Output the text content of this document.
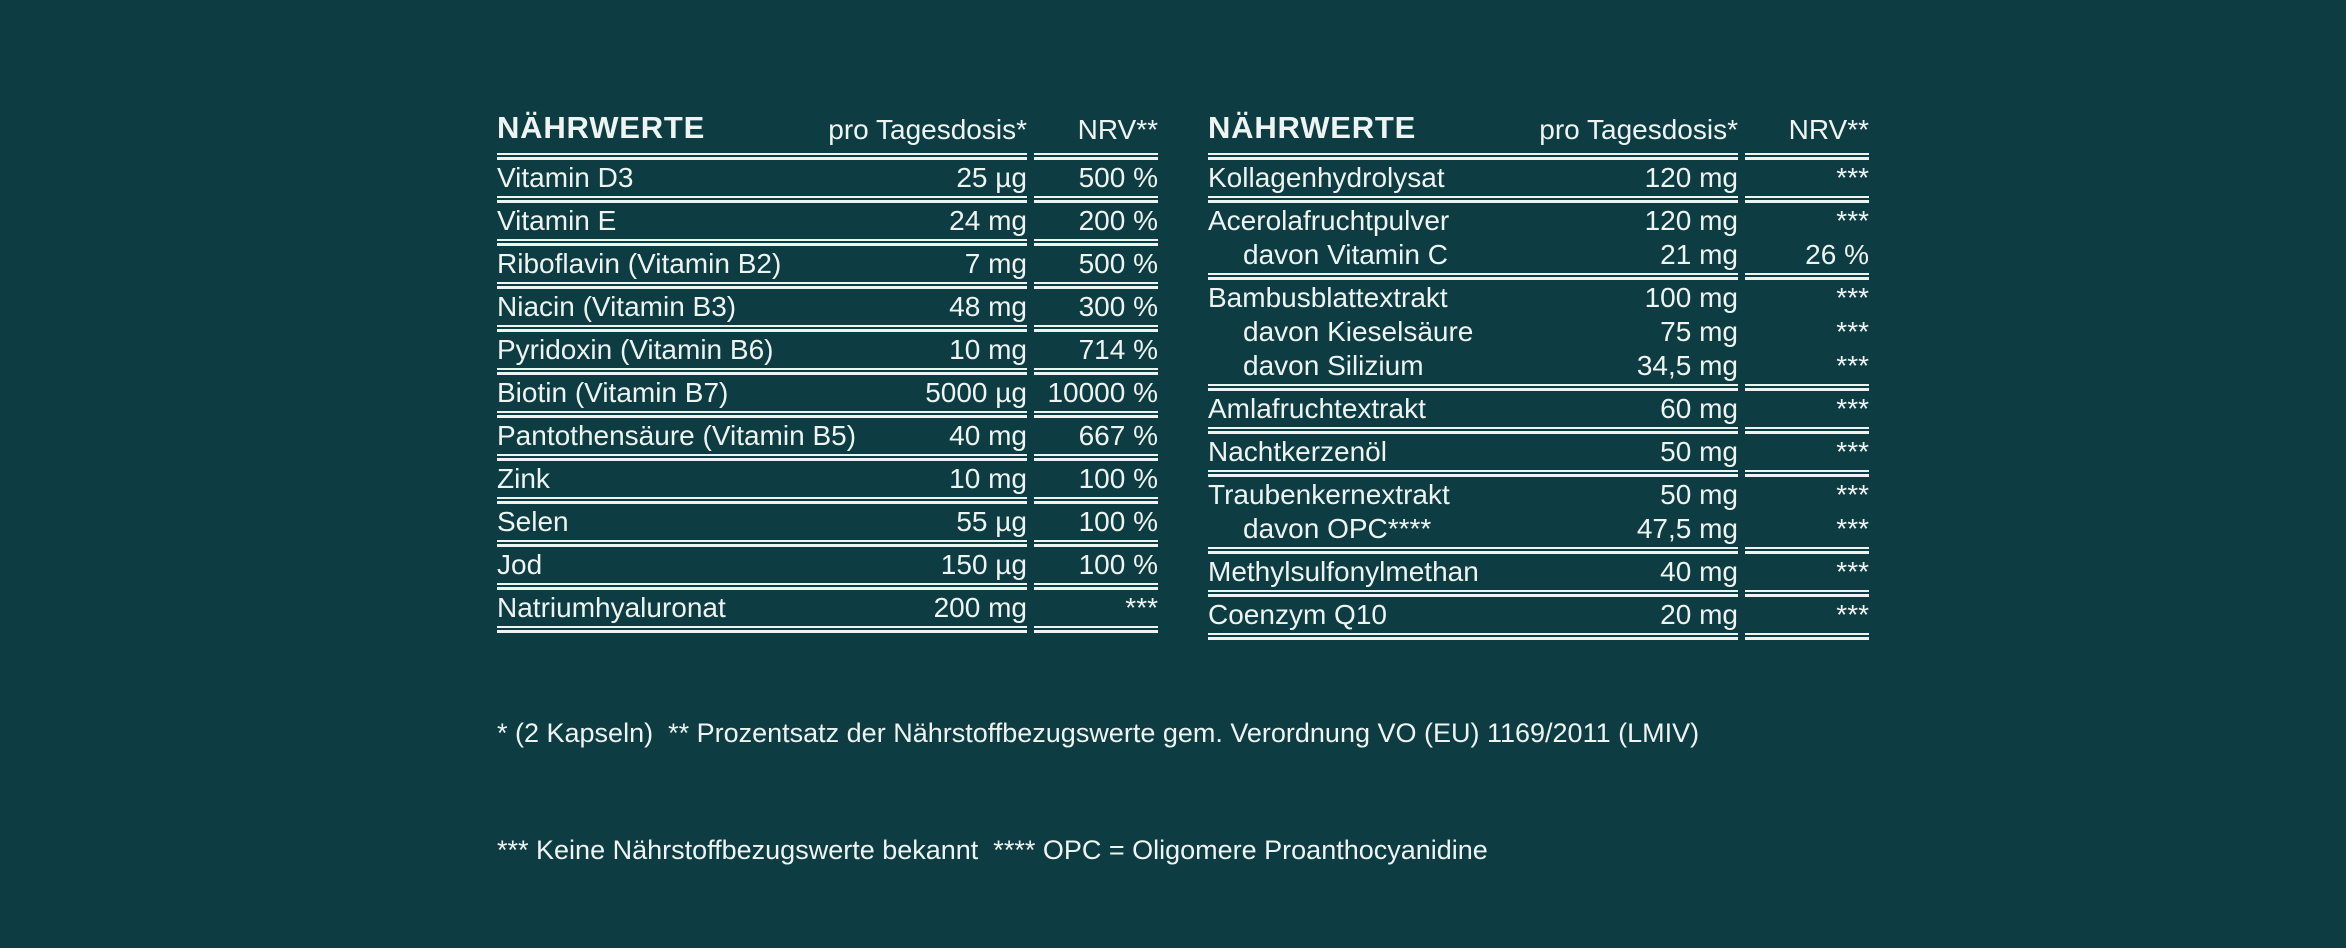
NÄHRWERTE	pro Tagesdosis*	NRV**
Vitamin D3	25 µg	500 %
Vitamin E	24 mg	200 %
Riboflavin (Vitamin B2)	7 mg	500 %
Niacin (Vitamin B3)	48 mg	300 %
Pyridoxin (Vitamin B6)	10 mg	714 %
Biotin (Vitamin B7)	5000 µg 10000 %
Pantothensäure (Vitamin B5)	40 mg	667 %
Zink	10 mg	100 %
Selen	55 µg	100 %
Jod	150 µg	100 %
Natriumhyaluronat	200 mg	***
NÄHRWERTE	pro Tagesdosis*	NRV**
Kollagenhydrolysat	120 mg	***
Acerolafruchtpulver	120 mg	***
davon Vitamin C	21 mg	26 %
Bambusblattextrakt	100 mg	***
davon Kieselsäure	75 mg	***
davon Silizium	34,5 mg	***
Amlafruchtextrakt	60 mg	***
Nachtkerzenöl	50 mg	***
Traubenkernextrakt	50 mg	***
davon OPC****	47,5 mg	***
Methylsulfonylmethan	40 mg	***
Coenzym Q10	20 mg	***

* (2 Kapseln)  ** Prozentsatz der Nährstoffbezugswerte gem. Verordnung VO (EU) 1169/2011 (LMIV)

*** Keine Nährstoffbezugswerte bekannt  **** OPC = Oligomere Proanthocyanidine
